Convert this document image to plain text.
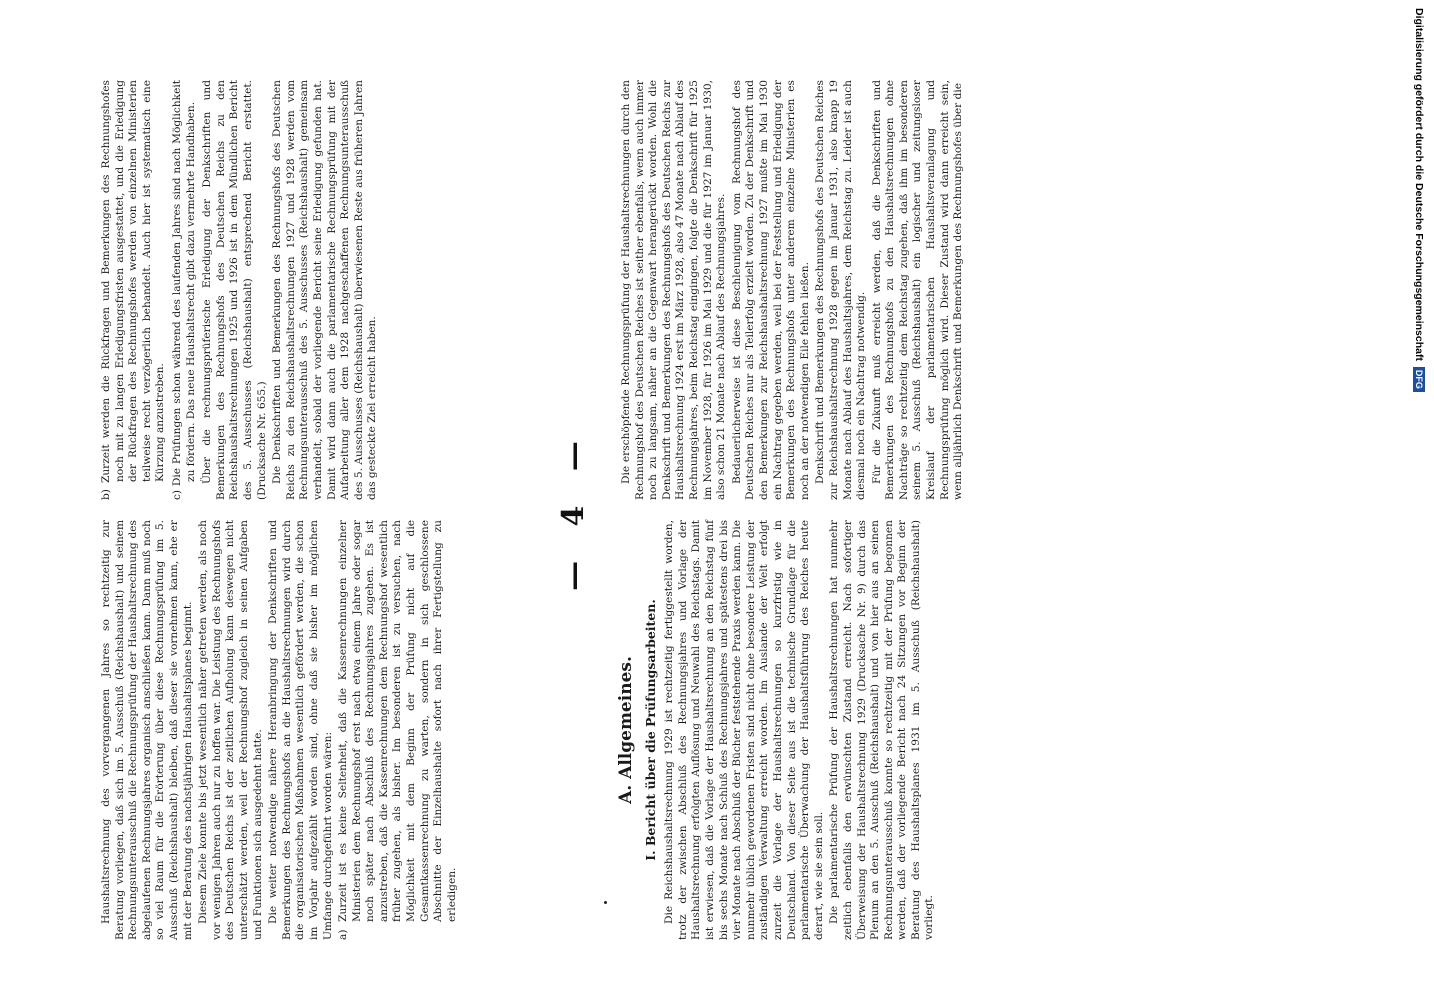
Haushaltsrechnung des vorvergangenen Jahres so rechtzeitig zur Beratung vorliegen, daß sich im 5. Ausschuß (Reichshaushalt) und seinem Rechnungsunterausschuß die Rechnungsprüfung der Haushaltsrechnung des abgelaufenen Rechnungsjahres organisch anschließen kann. Dann muß noch so viel Raum für die Erörterung über diese Rechnungsprüfung im 5. Ausschuß (Reichshaushalt) bleiben, daß dieser sie vornehmen kann, ehe er mit der Beratung des nachstjährigen Haushaltsplanes beginnt. Diesem Ziele konnte bis jetzt wesentlich näher getreten werden, als noch vor wenigen Jahren auch nur zu hoffen war. Die Leistung des Rechnungshofs des Deutschen Reichs ist der zeitlichen Aufholung kann deswegen nicht unterschätzt werden, weil der Rechnungshof zugleich in seinen Aufgaben und Funktionen sich ausgedehnt hatte. Die weiter notwendige nähere Heranbringung der Denkschriften und Bemerkungen des Rechnungshofs an die Haushaltsrechnungen wird durch die organisatorischen Maßnahmen wesentlich gefördert werden, die schon im Vorjahr aufgezählt worden sind, ohne daß sie bisher im möglichen Umfange durchgeführt worden wären: a) Zurzeit ist es keine Seltenheit, daß die Kassenrechnungen einzelner Ministerien dem Rechnungshof erst nach etwa einem Jahre oder sogar noch später nach Abschluß des Rechnungsjahres zugehen. Es ist anzustreben, daß die Kassenrechnungen dem Rechnungshof wesentlich früher zugehen, als bisher. Im besonderen ist zu versuchen, nach Möglichkeit mit dem Beginn der Prüfung nicht auf die Gesamtkassenrechnung zu warten, sondern in sich geschlossene Abschnitte der Einzelhaushalte sofort nach ihrer Fertigstellung zu erledigen.
b) Zurzeit werden die Rückfragen und Bemerkungen des Rechnungshofes noch mit zu langen Erledigungsfristen ausgestattet, und die Erledigung der Rückfragen des Rechnungshofes werden von einzelnen Ministerien teilweise recht verzögerlich behandelt. Auch hier ist systematisch eine Kürzung anzustreben. c) Die Prüfungen schon während des laufenden Jahres sind nach Möglichkeit zu fördern. Das neue Haushaltsrecht gibt dazu vermehrte Handhaben. Über die rechnungsprüferische Erledigung der Denkschriften und Bemerkungen des Rechnungshofs des Deutschen Reichs zu den Reichshaushaltsrechnungen 1925 und 1926 ist in dem Mündlichen Bericht des 5. Ausschusses (Reichshaushalt) entsprechend Bericht erstattet. (Drucksache Nr. 655.) Die Denkschriften und Bemerkungen des Rechnungshofs des Deutschen Reichs zu den Reichshaushaltsrechnungen 1927 und 1928 werden vom Rechnungsunterausschuß des 5. Ausschusses (Reichshaushalt) gemeinsam verhandelt, sobald der vorliegende Bericht seine Erledigung gefunden hat. Damit wird dann auch die parlamentarische Rechnungsprüfung mit der Aufarbeitung aller dem 1928 nachgeschaffenen Rechnungsunterausschuß des 5. Ausschusses (Reichshaushalt) überwiesenen Reste aus früheren Jahren das gesteckte Ziel erreicht haben.

— 4 —
A. Allgemeines. I. Bericht über die Prüfungsarbeiten. Die Reichshaushaltsrechnung 1929 ist rechtzeitig fertiggestellt worden, trotz der zwischen Abschluß des Rechnungsjahres und Vorlage der Haushaltsrechnung erfolgten Auflösung und Neuwahl des Reichstags. Damit ist erwiesen, daß die Vorlage der Haushaltsrechnung an den Reichstag fünf bis sechs Monate nach Schluß des Rechnungsjahres und spätestens drei bis vier Monate nach Abschluß der Bücher feststehende Praxis werden kann. Die nunmehr üblich gewordenen Fristen sind nicht ohne besondere Leistung der zuständigen Verwaltung erreicht worden. Im Auslande der Welt erfolgt zurzeit die Vorlage der Haushaltsrechnungen so kurzfristig wie in Deutschland. Von dieser Seite aus ist die technische Grundlage für die parlamentarische Überwachung der Haushaltsführung des Reiches heute derart, wie sie sein soll. Die parlamentarische Prüfung der Haushaltsrechnungen hat nunmehr zeitlich ebenfalls den erwünschten Zustand erreicht. Nach sofortiger Überweisung der Haushaltsrechnung 1929 (Drucksache Nr. 9) durch das Plenum an den 5. Ausschuß (Reichshaushalt) und von hier aus an seinen Rechnungsunterausschuß konnte so rechtzeitig mit der Prüfung begonnen werden, daß der vorliegende Bericht nach 24 Sitzungen vor Beginn der Beratung des Haushaltsplanes 1931 im 5. Ausschuß (Reichshaushalt) vorliegt.

Die erschöpfende Rechnungsprüfung der Haushaltsrechnungen durch den Rechnungshof des Deutschen Reiches ist seither ebenfalls, wenn auch immer noch zu langsam, näher an die Gegenwart herangerückt worden. Wohl die Denkschrift und Bemerkungen des Rechnungshofs des Deutschen Reichs zur Haushaltsrechnung 1924 erst im März 1928, also 47 Monate nach Ablauf des Rechnungsjahres, beim Reichstag eingingen, folgte die Denkschrift für 1925 im November 1928, für 1926 im Mai 1929 und die für 1927 im Januar 1930, also schon 21 Monate nach Ablauf des Rechnungsjahres. Bedauerlicherweise ist diese Beschleunigung vom Rechnungshof des Deutschen Reiches nur als Teilerfolg erzielt worden. Zu der Denkschrift und den Bemerkungen zur Reichshaushaltsrechnung 1927 mußte im Mai 1930 ein Nachtrag gegeben werden, weil bei der Feststellung und Erledigung der Bemerkungen des Rechnungshofs unter anderem einzelne Ministerien es noch an der notwendigen Eile fehlen ließen. Denkschrift und Bemerkungen des Rechnungshofs des Deutschen Reiches zur Reichshaushaltsrechnung 1928 gegen im Januar 1931, also knapp 19 Monate nach Ablauf des Haushaltsjahres, dem Reichstag zu. Leider ist auch diesmal noch ein Nachtrag notwendig. Für die Zukunft muß erreicht werden, daß die Denkschriften und Bemerkungen des Rechnungshofs zu den Haushaltsrechnungen ohne Nachträge so rechtzeitig dem Reichstag zugehen, daß ihm im besonderen seinem 5. Ausschuß (Reichshaushalt) ein logischer und zeitungsloser Kreislauf der parlamentarischen Haushaltsveranlagung und Rechnungsprüfung möglich wird. Dieser Zustand wird dann erreicht sein, wenn alljährlich Denkschrift und Bemerkungen des Rechnungshofes über die	Digitalisierung gefördert durch die Deutsche Forschungsgemeinschaft DFG
